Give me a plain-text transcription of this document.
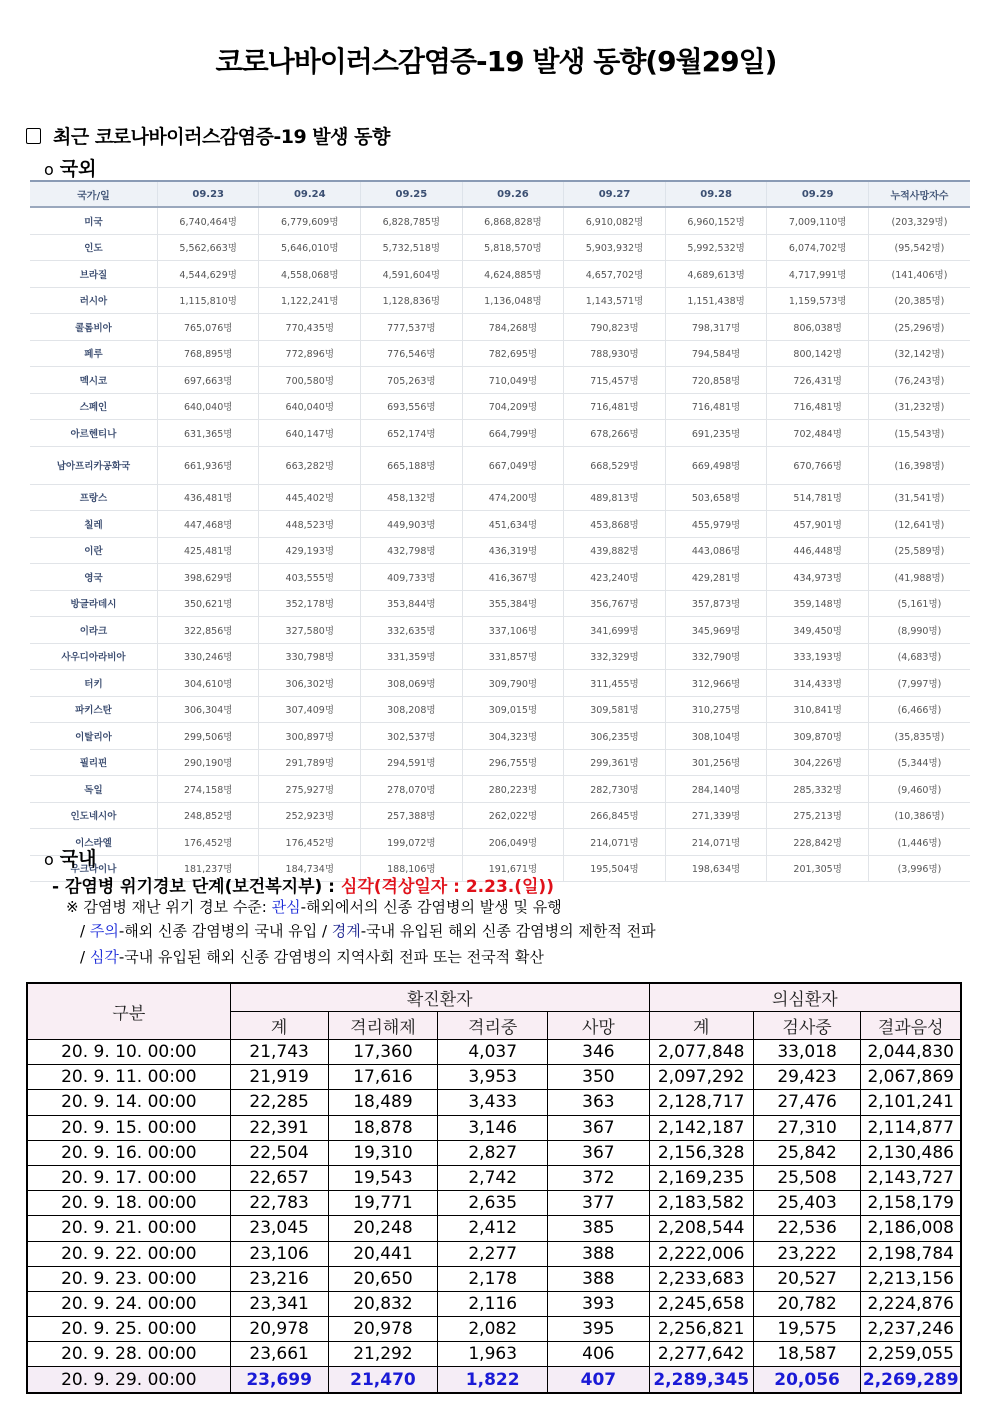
코로나바이러스감염증-19 발생 동향(9월29일)
최근 코로나바이러스감염증-19 발생 동향
o 국외
국가/일	09.23	09.24	09.25	09.26	09.27	09.28	09.29	누적사망자수
미국	6,740,464명	6,779,609명	6,828,785명	6,868,828명	6,910,082명	6,960,152명	7,009,110명	(203,329명)
인도	5,562,663명	5,646,010명	5,732,518명	5,818,570명	5,903,932명	5,992,532명	6,074,702명	(95,542명)
브라질	4,544,629명	4,558,068명	4,591,604명	4,624,885명	4,657,702명	4,689,613명	4,717,991명	(141,406명)
러시아	1,115,810명	1,122,241명	1,128,836명	1,136,048명	1,143,571명	1,151,438명	1,159,573명	(20,385명)
콜롬비아	765,076명	770,435명	777,537명	784,268명	790,823명	798,317명	806,038명	(25,296명)
페루	768,895명	772,896명	776,546명	782,695명	788,930명	794,584명	800,142명	(32,142명)
멕시코	697,663명	700,580명	705,263명	710,049명	715,457명	720,858명	726,431명	(76,243명)
스페인	640,040명	640,040명	693,556명	704,209명	716,481명	716,481명	716,481명	(31,232명)
아르헨티나	631,365명	640,147명	652,174명	664,799명	678,266명	691,235명	702,484명	(15,543명)
남아프리카공화국	661,936명	663,282명	665,188명	667,049명	668,529명	669,498명	670,766명	(16,398명)
프랑스	436,481명	445,402명	458,132명	474,200명	489,813명	503,658명	514,781명	(31,541명)
칠레	447,468명	448,523명	449,903명	451,634명	453,868명	455,979명	457,901명	(12,641명)
이란	425,481명	429,193명	432,798명	436,319명	439,882명	443,086명	446,448명	(25,589명)
영국	398,629명	403,555명	409,733명	416,367명	423,240명	429,281명	434,973명	(41,988명)
방글라데시	350,621명	352,178명	353,844명	355,384명	356,767명	357,873명	359,148명	(5,161명)
이라크	322,856명	327,580명	332,635명	337,106명	341,699명	345,969명	349,450명	(8,990명)
사우디아라비아	330,246명	330,798명	331,359명	331,857명	332,329명	332,790명	333,193명	(4,683명)
터키	304,610명	306,302명	308,069명	309,790명	311,455명	312,966명	314,433명	(7,997명)
파키스탄	306,304명	307,409명	308,208명	309,015명	309,581명	310,275명	310,841명	(6,466명)
이탈리아	299,506명	300,897명	302,537명	304,323명	306,235명	308,104명	309,870명	(35,835명)
필리핀	290,190명	291,789명	294,591명	296,755명	299,361명	301,256명	304,226명	(5,344명)
독일	274,158명	275,927명	278,070명	280,223명	282,730명	284,140명	285,332명	(9,460명)
인도네시아	248,852명	252,923명	257,388명	262,022명	266,845명	271,339명	275,213명	(10,386명)
이스라엘	176,452명	176,452명	199,072명	206,049명	214,071명	214,071명	228,842명	(1,446명)
우크라이나	181,237명	184,734명	188,106명	191,671명	195,504명	198,634명	201,305명	(3,996명)
o 국내
- 감염병 위기경보 단계(보건복지부) : 심각(격상일자 : 2.23.(일))
※ 감염병 재난 위기 경보 수준: 관심-해외에서의 신종 감염병의 발생 및 유행
/ 주의-해외 신종 감염병의 국내 유입 / 경계-국내 유입된 해외 신종 감염병의 제한적 전파
/ 심각-국내 유입된 해외 신종 감염병의 지역사회 전파 또는 전국적 확산
구분	확진환자				의심환자		
	계	격리해제	격리중	사망	계	검사중	결과음성
20. 9. 10. 00:00	21,743	17,360	4,037	346	2,077,848	33,018	2,044,830
20. 9. 11. 00:00	21,919	17,616	3,953	350	2,097,292	29,423	2,067,869
20. 9. 14. 00:00	22,285	18,489	3,433	363	2,128,717	27,476	2,101,241
20. 9. 15. 00:00	22,391	18,878	3,146	367	2,142,187	27,310	2,114,877
20. 9. 16. 00:00	22,504	19,310	2,827	367	2,156,328	25,842	2,130,486
20. 9. 17. 00:00	22,657	19,543	2,742	372	2,169,235	25,508	2,143,727
20. 9. 18. 00:00	22,783	19,771	2,635	377	2,183,582	25,403	2,158,179
20. 9. 21. 00:00	23,045	20,248	2,412	385	2,208,544	22,536	2,186,008
20. 9. 22. 00:00	23,106	20,441	2,277	388	2,222,006	23,222	2,198,784
20. 9. 23. 00:00	23,216	20,650	2,178	388	2,233,683	20,527	2,213,156
20. 9. 24. 00:00	23,341	20,832	2,116	393	2,245,658	20,782	2,224,876
20. 9. 25. 00:00	20,978	20,978	2,082	395	2,256,821	19,575	2,237,246
20. 9. 28. 00:00	23,661	21,292	1,963	406	2,277,642	18,587	2,259,055
20. 9. 29. 00:00	23,699	21,470	1,822	407	2,289,345	20,056	2,269,289
